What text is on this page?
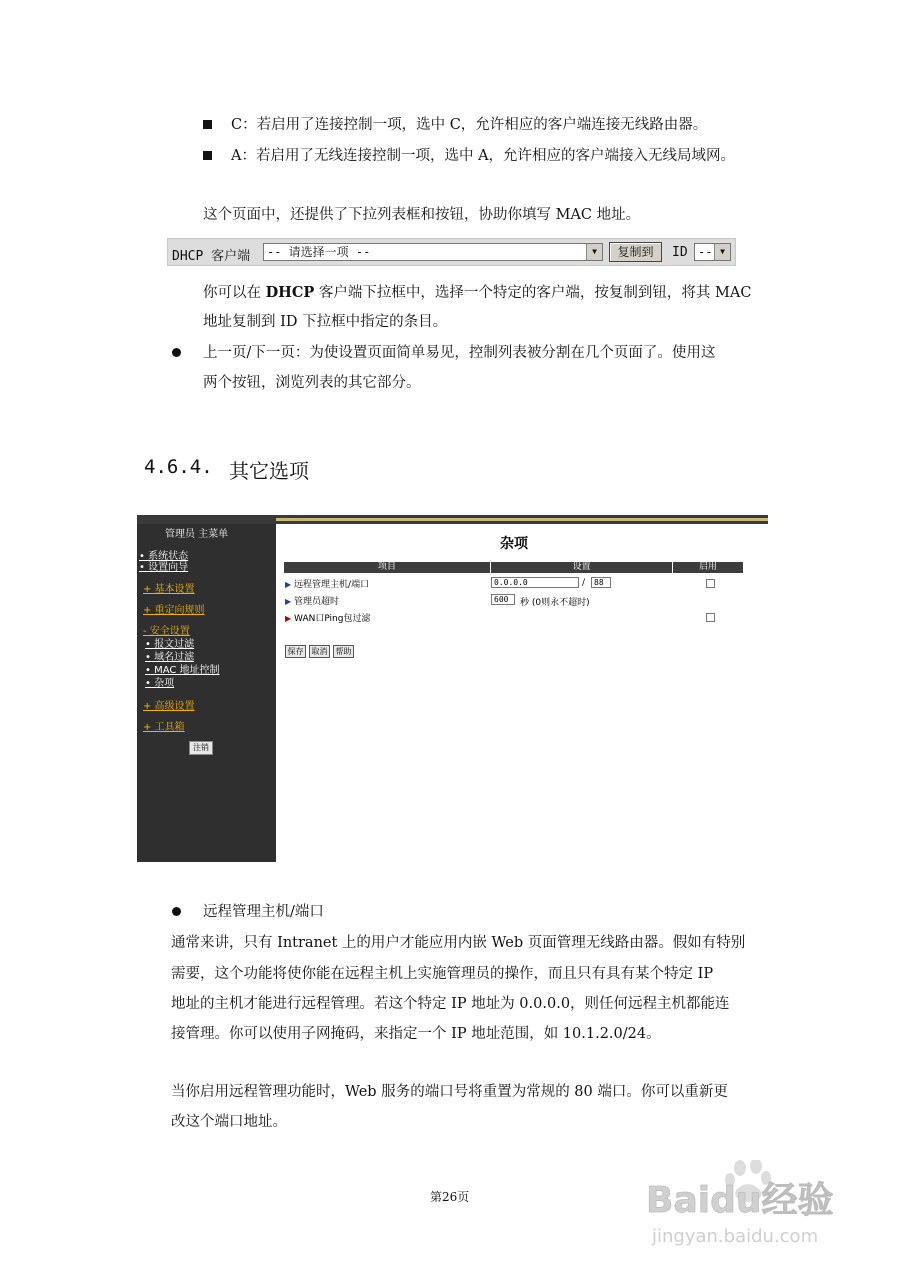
C：若启用了连接控制一项，选中 C，允许相应的客户端连接无线路由器。
A：若启用了无线连接控制一项，选中 A，允许相应的客户端接入无线局域网。
这个页面中，还提供了下拉列表框和按钮，协助你填写 MAC 地址。
DHCP 客户端	-- 请选择一项 --	▼	复制到	ID -- ▼
你可以在 DHCP 客户端下拉框中，选择一个特定的客户端，按复制到钮，将其 MAC
地址复制到 ID 下拉框中指定的条目。
上一页/下一页：为使设置页面简单易见，控制列表被分割在几个页面了。使用这
两个按钮，浏览列表的其它部分。
4.6.4. 其它选项
管理员 主菜单
• 系统状态
• 设置向导
+ 基本设置
+ 重定向规则
- 安全设置
• 报文过滤
• 域名过滤
• MAC 地址控制
• 杂项
+ 高级设置
+ 工具箱
注销
杂项
项目	设置	启用
▶ 远程管理主机/端口	0.0.0.0	/	88
▶ 管理员超时	600	秒 (0则永不超时)
▶ WAN口Ping包过滤
保存	取消	帮助
远程管理主机/端口
通常来讲，只有 Intranet 上的用户才能应用内嵌 Web 页面管理无线路由器。假如有特别
需要，这个功能将使你能在远程主机上实施管理员的操作，而且只有具有某个特定 IP
地址的主机才能进行远程管理。若这个特定 IP 地址为 0.0.0.0，则任何远程主机都能连
接管理。你可以使用子网掩码，来指定一个 IP 地址范围，如 10.1.2.0/24。
当你启用远程管理功能时，Web 服务的端口号将重置为常规的 80 端口。你可以重新更
改这个端口地址。
第26页	Baidu经验
jingyan.baidu.com
